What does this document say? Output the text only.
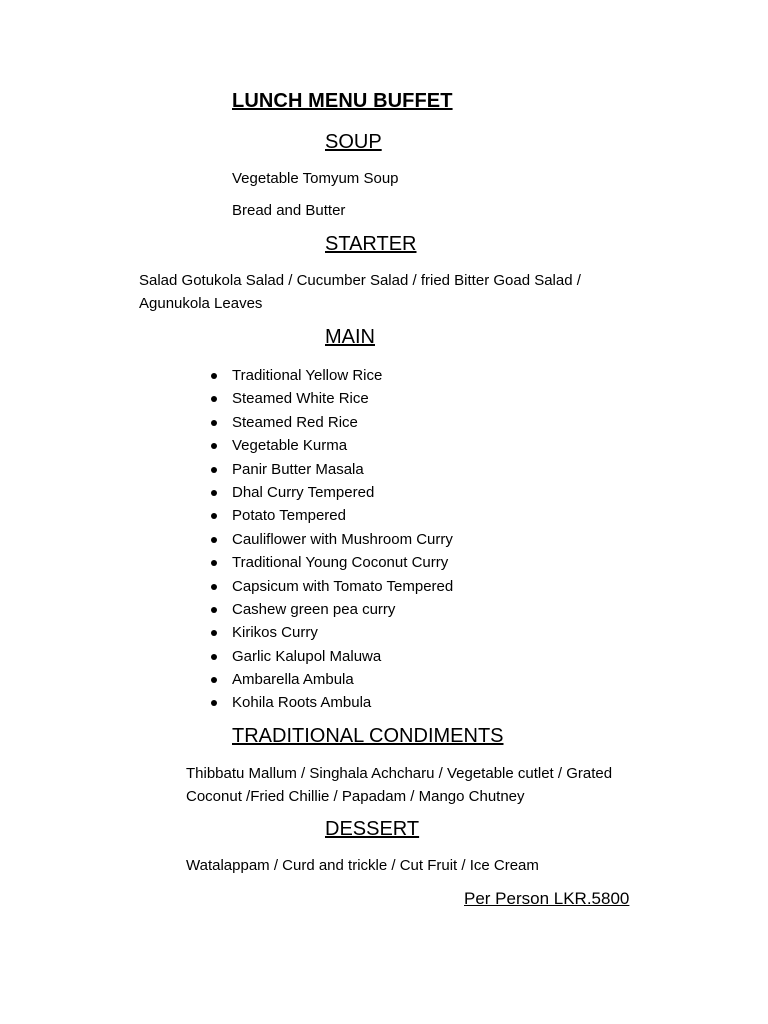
LUNCH MENU BUFFET
SOUP
Vegetable Tomyum Soup
Bread and Butter
STARTER
Salad Gotukola Salad / Cucumber Salad / fried Bitter Goad Salad /
Agunukola Leaves
MAIN
Traditional Yellow Rice
Steamed White Rice
Steamed Red Rice
Vegetable Kurma
Panir Butter Masala
Dhal Curry Tempered
Potato Tempered
Cauliflower with Mushroom Curry
Traditional Young Coconut Curry
Capsicum with Tomato Tempered
Cashew green pea curry
Kirikos Curry
Garlic Kalupol Maluwa
Ambarella Ambula
Kohila Roots Ambula
TRADITIONAL CONDIMENTS
Thibbatu Mallum / Singhala Achcharu / Vegetable cutlet / Grated
Coconut /Fried Chillie / Papadam / Mango Chutney
DESSERT
Watalappam / Curd and trickle / Cut Fruit / Ice Cream
Per Person LKR.5800
